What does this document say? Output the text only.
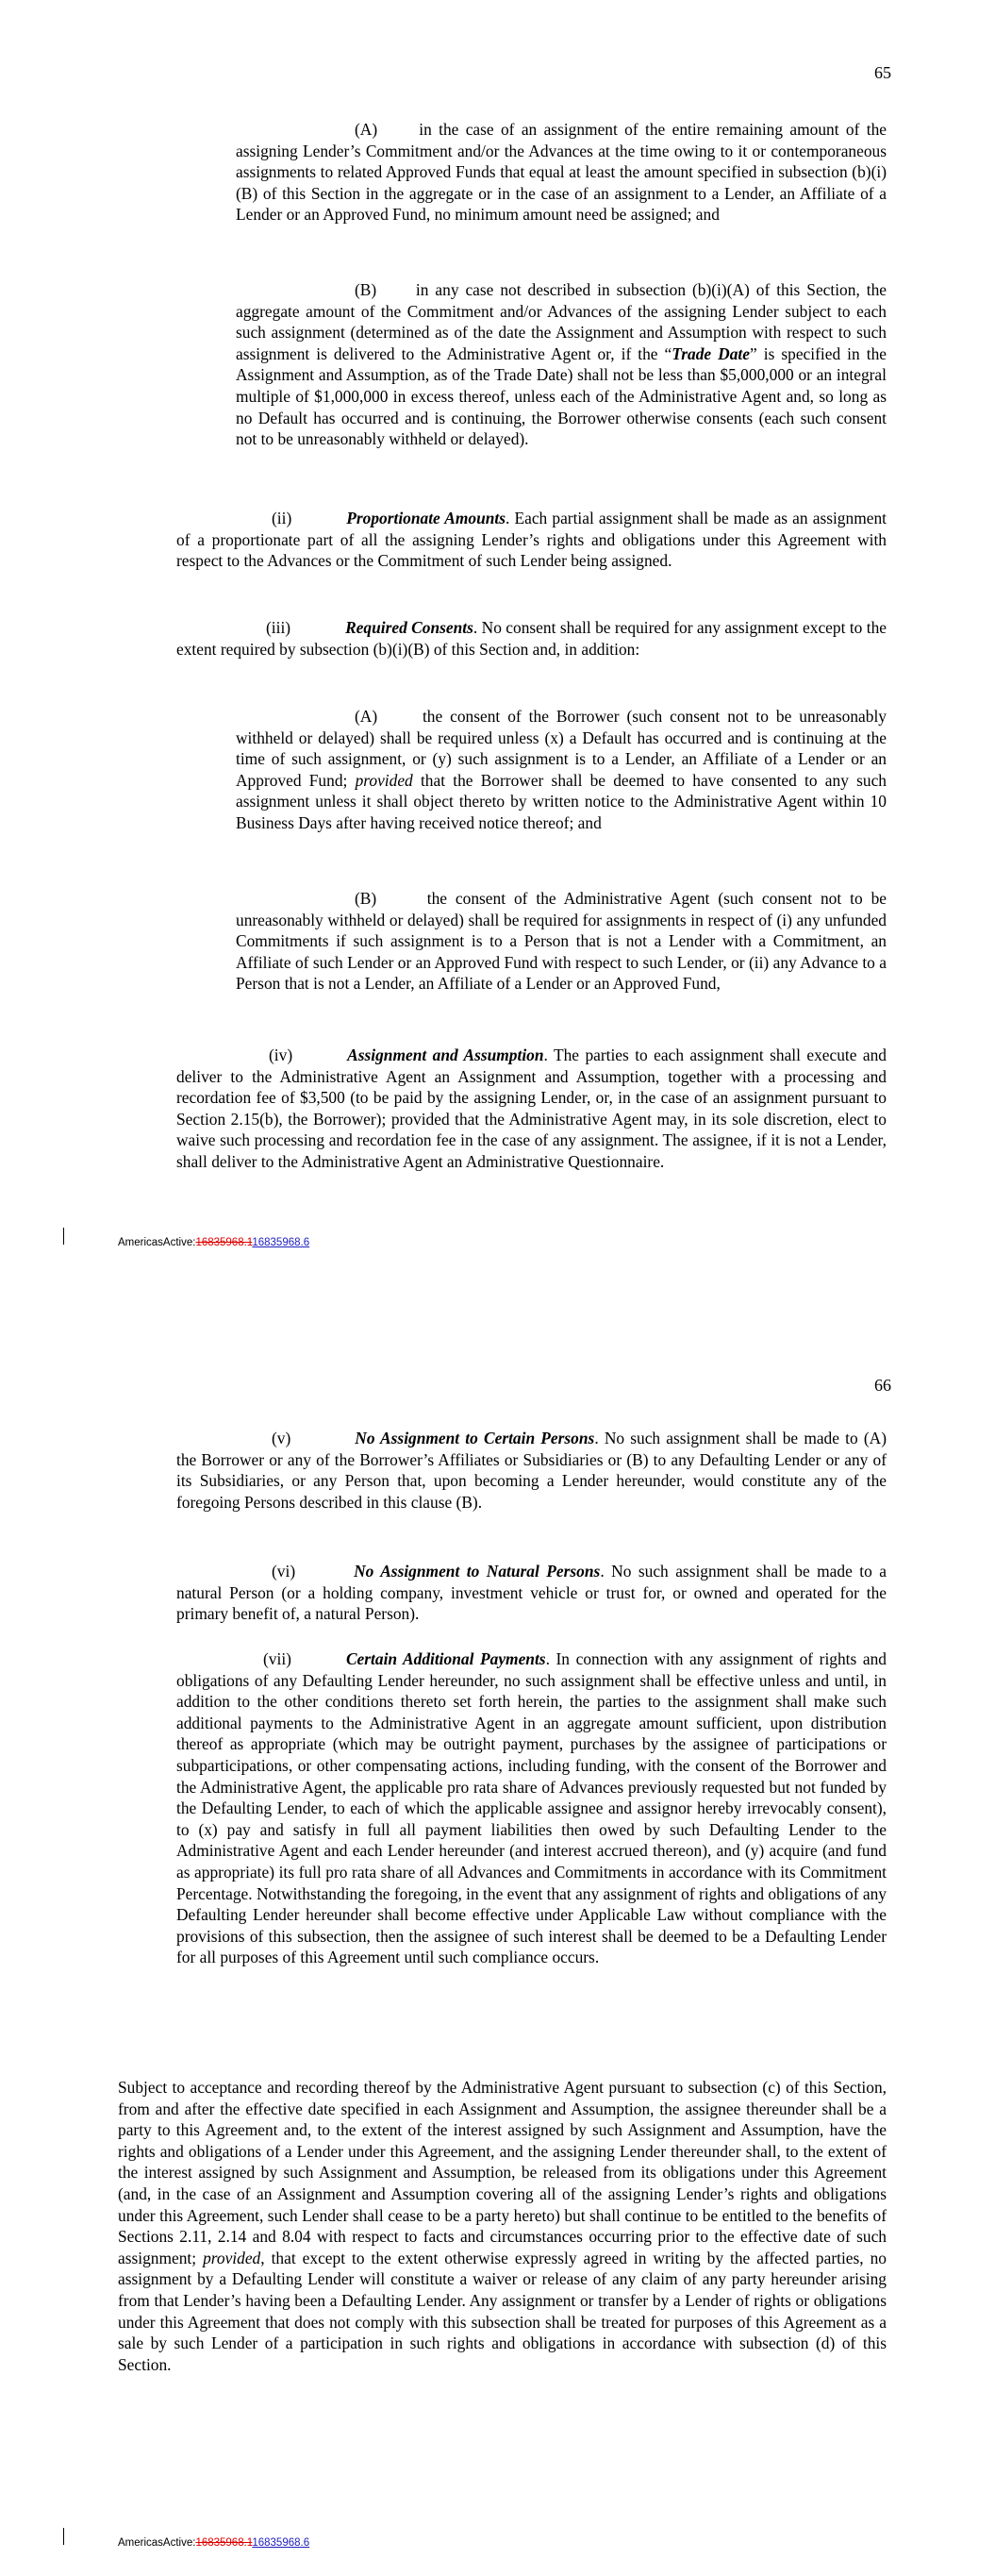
65

(A)	in the case of an assignment of the entire remaining amount of the assigning Lender’s Commitment and/or the Advances at the time owing to it or contemporaneous assignments to related Approved Funds that equal at least the amount specified in subsection (b)(i)(B) of this Section in the aggregate or in the case of an assignment to a Lender, an Affiliate of a Lender or an Approved Fund, no minimum amount need be assigned; and

(B) in any case not described in subsection (b)(i)(A) of this Section, the aggregate amount of the Commitment and/or Advances of the assigning Lender subject to each such assignment (determined as of the date the Assignment and Assumption with respect to such assignment is delivered to the Administrative Agent or, if the “Trade Date” is specified in the Assignment and Assumption, as of the Trade Date) shall not be less than $5,000,000 or an integral multiple of $1,000,000 in excess thereof, unless each of the Administrative Agent and, so long as no Default has occurred and is continuing, the Borrower otherwise consents (each such consent not to be unreasonably withheld or delayed).

(ii)	Proportionate Amounts. Each partial assignment shall be made as an assignment of a proportionate part of all the assigning Lender’s rights and obligations under this Agreement with respect to the Advances or the Commitment of such Lender being assigned.

(iii)	Required Consents. No consent shall be required for any assignment except to the extent required by subsection (b)(i)(B) of this Section and, in addition:

(A)	the consent of the Borrower (such consent not to be unreasonably withheld or delayed) shall be required unless (x) a Default has occurred and is continuing at the time of such assignment, or (y) such assignment is to a Lender, an Affiliate of a Lender or an Approved Fund; provided that the Borrower shall be deemed to have consented to any such assignment unless it shall object thereto by written notice to the Administrative Agent within 10 Business Days after having received notice thereof; and

(B)	the consent of the Administrative Agent (such consent not to be unreasonably withheld or delayed) shall be required for assignments in respect of (i) any unfunded Commitments if such assignment is to a Person that is not a Lender with a Commitment, an Affiliate of such Lender or an Approved Fund with respect to such Lender, or (ii) any Advance to a Person that is not a Lender, an Affiliate of a Lender or an Approved Fund,

(iv)	Assignment and Assumption. The parties to each assignment shall execute and deliver to the Administrative Agent an Assignment and Assumption, together with a processing and recordation fee of $3,500 (to be paid by the assigning Lender, or, in the case of an assignment pursuant to Section 2.15(b), the Borrower); provided that the Administrative Agent may, in its sole discretion, elect to waive such processing and recordation fee in the case of any assignment. The assignee, if it is not a Lender, shall deliver to the Administrative Agent an Administrative Questionnaire.

AmericasActive:16835968.116835968.6
66

(v)	No Assignment to Certain Persons. No such assignment shall be made to (A) the Borrower or any of the Borrower’s Affiliates or Subsidiaries or (B) to any Defaulting Lender or any of its Subsidiaries, or any Person that, upon becoming a Lender hereunder, would constitute any of the foregoing Persons described in this clause (B).

(vi)	No Assignment to Natural Persons. No such assignment shall be made to a natural Person (or a holding company, investment vehicle or trust for, or owned and operated for the primary benefit of, a natural Person).

(vii)	Certain Additional Payments. In connection with any assignment of rights and obligations of any Defaulting Lender hereunder, no such assignment shall be effective unless and until, in addition to the other conditions thereto set forth herein, the parties to the assignment shall make such additional payments to the Administrative Agent in an aggregate amount sufficient, upon distribution thereof as appropriate (which may be outright payment, purchases by the assignee of participations or subparticipations, or other compensating actions, including funding, with the consent of the Borrower and the Administrative Agent, the applicable pro rata share of Advances previously requested but not funded by the Defaulting Lender, to each of which the applicable assignee and assignor hereby irrevocably consent), to (x) pay and satisfy in full all payment liabilities then owed by such Defaulting Lender to the Administrative Agent and each Lender hereunder (and interest accrued thereon), and (y) acquire (and fund as appropriate) its full pro rata share of all Advances and Commitments in accordance with its Commitment Percentage. Notwithstanding the foregoing, in the event that any assignment of rights and obligations of any Defaulting Lender hereunder shall become effective under Applicable Law without compliance with the provisions of this subsection, then the assignee of such interest shall be deemed to be a Defaulting Lender for all purposes of this Agreement until such compliance occurs.

Subject to acceptance and recording thereof by the Administrative Agent pursuant to subsection (c) of this Section, from and after the effective date specified in each Assignment and Assumption, the assignee thereunder shall be a party to this Agreement and, to the extent of the interest assigned by such Assignment and Assumption, have the rights and obligations of a Lender under this Agreement, and the assigning Lender thereunder shall, to the extent of the interest assigned by such Assignment and Assumption, be released from its obligations under this Agreement (and, in the case of an Assignment and Assumption covering all of the assigning Lender’s rights and obligations under this Agreement, such Lender shall cease to be a party hereto) but shall continue to be entitled to the benefits of Sections 2.11, 2.14 and 8.04 with respect to facts and circumstances occurring prior to the effective date of such assignment; provided, that except to the extent otherwise expressly agreed in writing by the affected parties, no assignment by a Defaulting Lender will constitute a waiver or release of any claim of any party hereunder arising from that Lender’s having been a Defaulting Lender. Any assignment or transfer by a Lender of rights or obligations under this Agreement that does not comply with this subsection shall be treated for purposes of this Agreement as a sale by such Lender of a participation in such rights and obligations in accordance with subsection (d) of this Section.

AmericasActive:16835968.116835968.6
